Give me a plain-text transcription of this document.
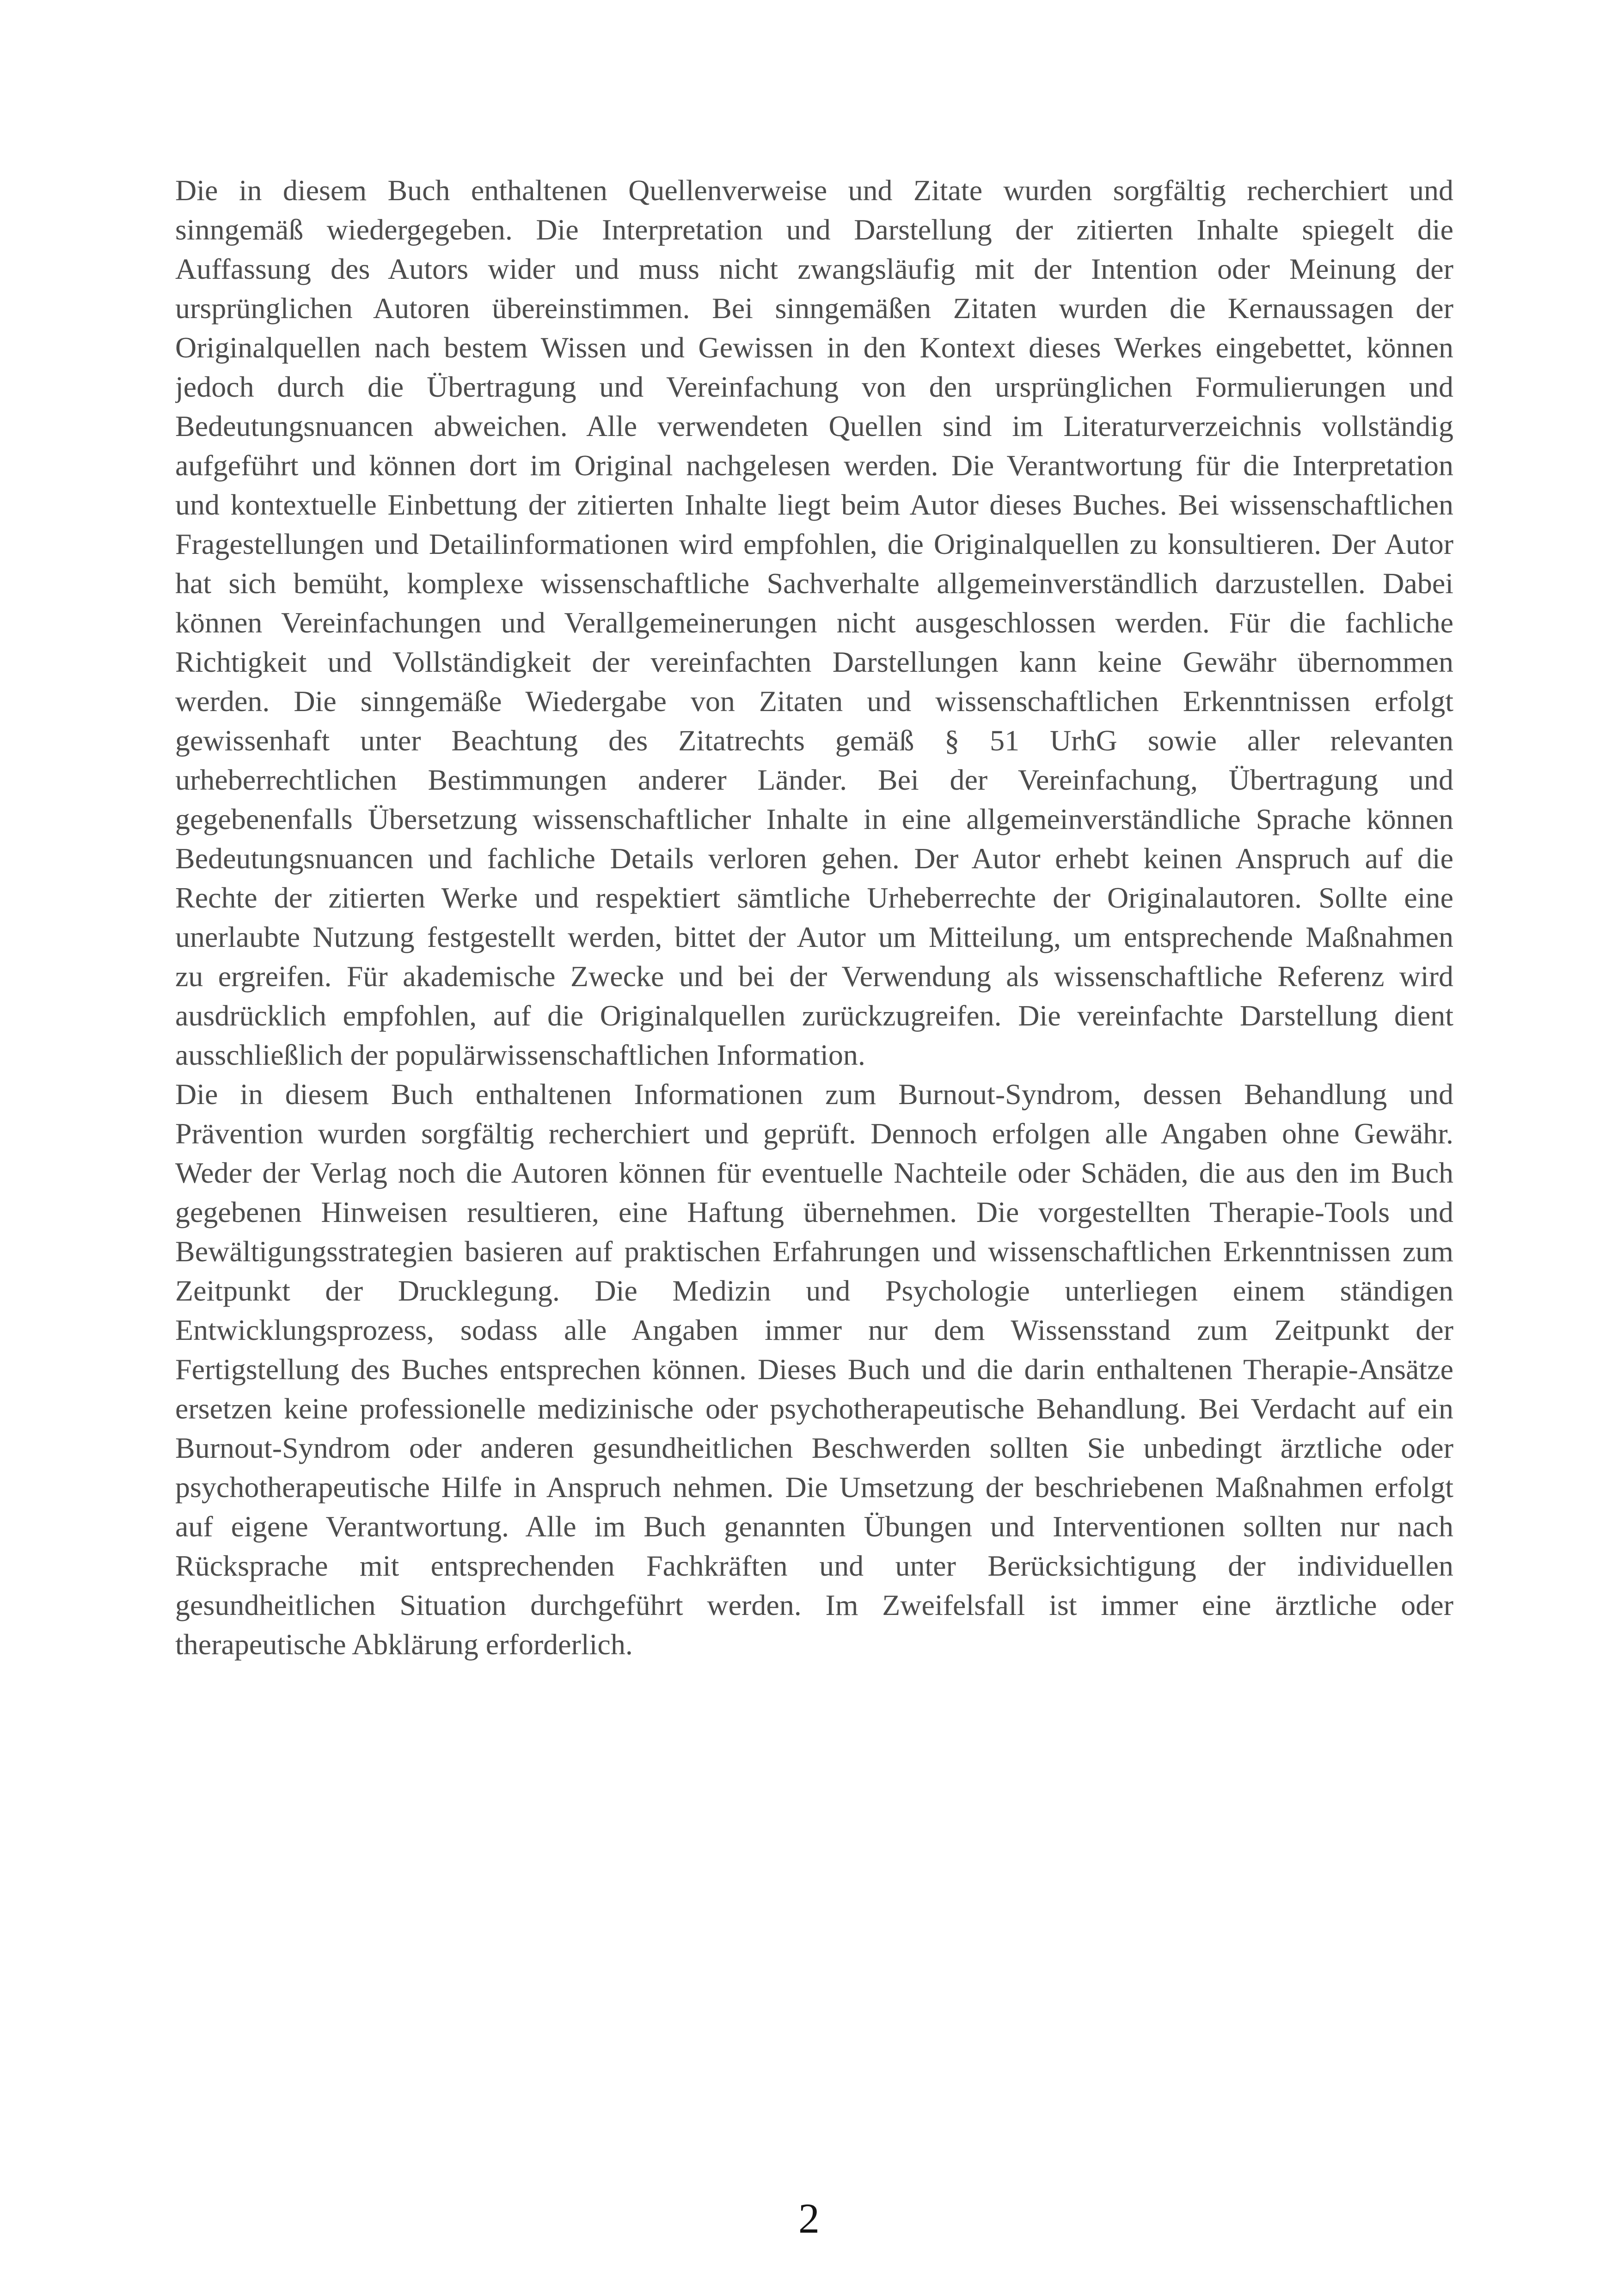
Die in diesem Buch enthaltenen Quellenverweise und Zitate wurden sorgfältig recherchiert und
sinngemäß wiedergegeben. Die Interpretation und Darstellung der zitierten Inhalte spiegelt die
Auffassung des Autors wider und muss nicht zwangsläufig mit der Intention oder Meinung der
ursprünglichen Autoren übereinstimmen. Bei sinngemäßen Zitaten wurden die Kernaussagen der
Originalquellen nach bestem Wissen und Gewissen in den Kontext dieses Werkes eingebettet, können
jedoch durch die Übertragung und Vereinfachung von den ursprünglichen Formulierungen und
Bedeutungsnuancen abweichen. Alle verwendeten Quellen sind im Literaturverzeichnis vollständig
aufgeführt und können dort im Original nachgelesen werden. Die Verantwortung für die Interpretation
und kontextuelle Einbettung der zitierten Inhalte liegt beim Autor dieses Buches. Bei wissenschaftlichen
Fragestellungen und Detailinformationen wird empfohlen, die Originalquellen zu konsultieren. Der Autor
hat sich bemüht, komplexe wissenschaftliche Sachverhalte allgemeinverständlich darzustellen. Dabei
können Vereinfachungen und Verallgemeinerungen nicht ausgeschlossen werden. Für die fachliche
Richtigkeit und Vollständigkeit der vereinfachten Darstellungen kann keine Gewähr übernommen
werden. Die sinngemäße Wiedergabe von Zitaten und wissenschaftlichen Erkenntnissen erfolgt
gewissenhaft unter Beachtung des Zitatrechts gemäß § 51 UrhG sowie aller relevanten
urheberrechtlichen Bestimmungen anderer Länder. Bei der Vereinfachung, Übertragung und
gegebenenfalls Übersetzung wissenschaftlicher Inhalte in eine allgemeinverständliche Sprache können
Bedeutungsnuancen und fachliche Details verloren gehen. Der Autor erhebt keinen Anspruch auf die
Rechte der zitierten Werke und respektiert sämtliche Urheberrechte der Originalautoren. Sollte eine
unerlaubte Nutzung festgestellt werden, bittet der Autor um Mitteilung, um entsprechende Maßnahmen
zu ergreifen. Für akademische Zwecke und bei der Verwendung als wissenschaftliche Referenz wird
ausdrücklich empfohlen, auf die Originalquellen zurückzugreifen. Die vereinfachte Darstellung dient
ausschließlich der populärwissenschaftlichen Information.
Die in diesem Buch enthaltenen Informationen zum Burnout-Syndrom, dessen Behandlung und
Prävention wurden sorgfältig recherchiert und geprüft. Dennoch erfolgen alle Angaben ohne Gewähr.
Weder der Verlag noch die Autoren können für eventuelle Nachteile oder Schäden, die aus den im Buch
gegebenen Hinweisen resultieren, eine Haftung übernehmen. Die vorgestellten Therapie-Tools und
Bewältigungsstrategien basieren auf praktischen Erfahrungen und wissenschaftlichen Erkenntnissen zum
Zeitpunkt der Drucklegung. Die Medizin und Psychologie unterliegen einem ständigen
Entwicklungsprozess, sodass alle Angaben immer nur dem Wissensstand zum Zeitpunkt der
Fertigstellung des Buches entsprechen können. Dieses Buch und die darin enthaltenen Therapie-Ansätze
ersetzen keine professionelle medizinische oder psychotherapeutische Behandlung. Bei Verdacht auf ein
Burnout-Syndrom oder anderen gesundheitlichen Beschwerden sollten Sie unbedingt ärztliche oder
psychotherapeutische Hilfe in Anspruch nehmen. Die Umsetzung der beschriebenen Maßnahmen erfolgt
auf eigene Verantwortung. Alle im Buch genannten Übungen und Interventionen sollten nur nach
Rücksprache mit entsprechenden Fachkräften und unter Berücksichtigung der individuellen
gesundheitlichen Situation durchgeführt werden. Im Zweifelsfall ist immer eine ärztliche oder
therapeutische Abklärung erforderlich.
2
